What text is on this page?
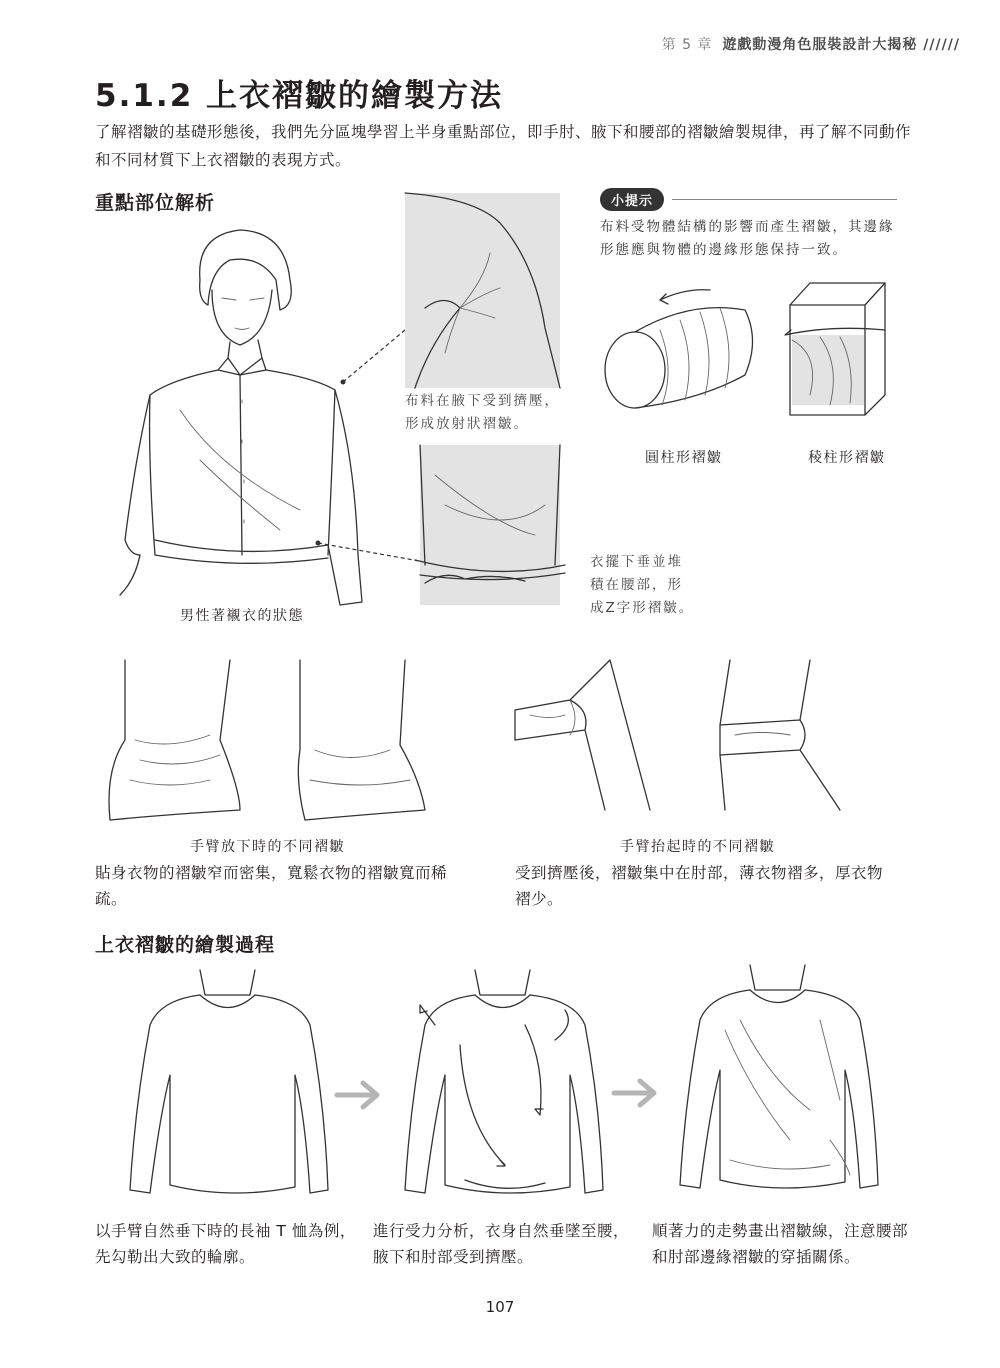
第 5 章 遊戲動漫角色服裝設計大揭秘 //////
5.1.2 上衣褶皺的繪製方法
了解褶皺的基礎形態後，我們先分區塊學習上半身重點部位，即手肘、腋下和腰部的褶皺繪製規律，再了解不同動作和不同材質下上衣褶皺的表現方式。
重點部位解析
男性著襯衣的狀態
布料在腋下受到擠壓，形成放射狀褶皺。
衣擺下垂並堆
積在腰部，形
成Z字形褶皺。
小提示
布料受物體結構的影響而產生褶皺，其邊緣形態應與物體的邊緣形態保持一致。
圓柱形褶皺	稜柱形褶皺
手臂放下時的不同褶皺
貼身衣物的褶皺窄而密集，寬鬆衣物的褶皺寬而稀疏。
手臂抬起時的不同褶皺
受到擠壓後，褶皺集中在肘部，薄衣物褶多，厚衣物褶少。
上衣褶皺的繪製過程
以手臂自然垂下時的長袖 T 恤為例，先勾勒出大致的輪廓。
進行受力分析，衣身自然垂墜至腰，腋下和肘部受到擠壓。
順著力的走勢畫出褶皺線，注意腰部和肘部邊緣褶皺的穿插關係。
107
